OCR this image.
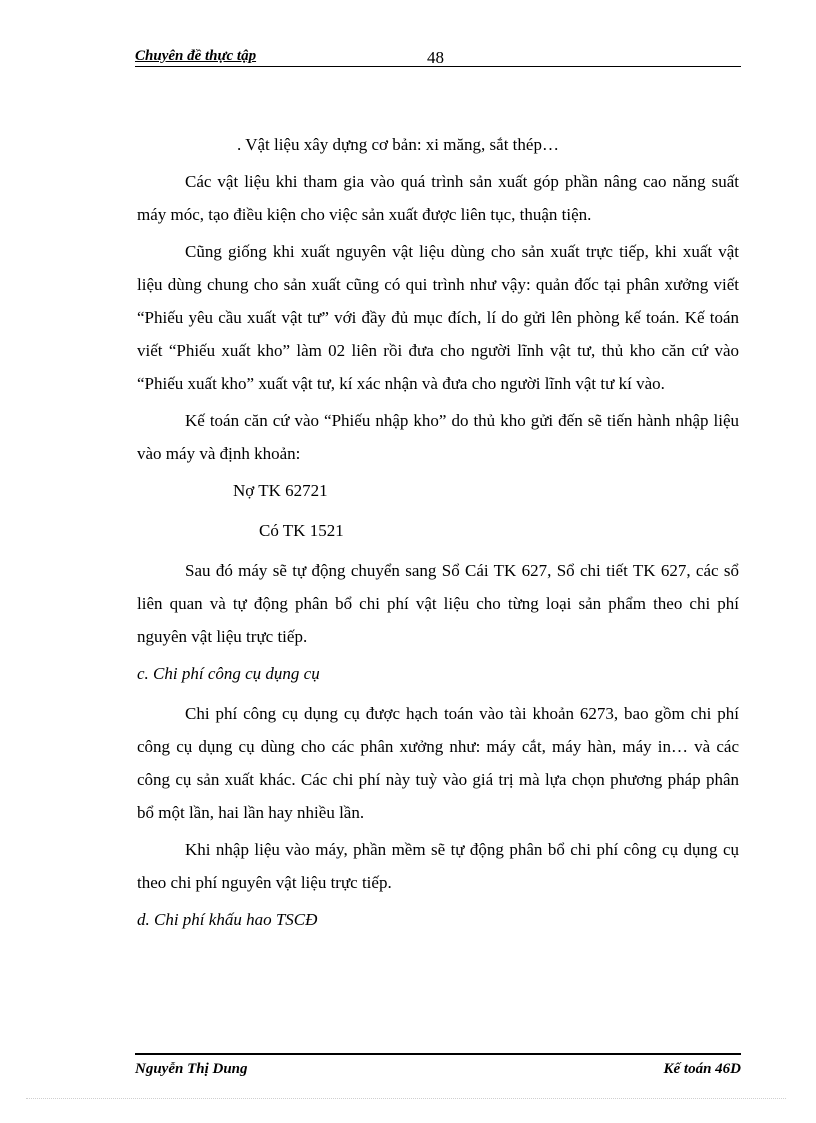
Chuyên đề thực tập	48
. Vật liệu xây dựng cơ bản: xi măng, sắt thép…

Các vật liệu khi tham gia vào quá trình sản xuất góp phần nâng cao năng suất máy móc, tạo điều kiện cho việc sản xuất được liên tục, thuận tiện.

Cũng giống khi xuất nguyên vật liệu dùng cho sản xuất trực tiếp, khi xuất vật liệu dùng chung cho sản xuất cũng có qui trình như vậy: quản đốc tại phân xưởng viết “Phiếu yêu cầu xuất vật tư” với đầy đủ mục đích, lí do gửi lên phòng kế toán. Kế toán viết “Phiếu xuất kho” làm 02 liên rồi đưa cho người lĩnh vật tư, thủ kho căn cứ vào “Phiếu xuất kho” xuất vật tư, kí xác nhận và đưa cho người lĩnh vật tư kí vào.

Kế toán căn cứ vào “Phiếu nhập kho” do thủ kho gửi đến sẽ tiến hành nhập liệu vào máy và định khoản:

Nợ TK 62721
Có TK 1521

Sau đó máy sẽ tự động chuyển sang Sổ Cái TK 627, Sổ chi tiết TK 627, các sổ liên quan và tự động phân bổ chi phí vật liệu cho từng loại sản phẩm theo chi phí nguyên vật liệu trực tiếp.

c. Chi phí công cụ dụng cụ

Chi phí công cụ dụng cụ được hạch toán vào tài khoản 6273, bao gồm chi phí công cụ dụng cụ dùng cho các phân xưởng như: máy cắt, máy hàn, máy in… và các công cụ sản xuất khác. Các chi phí này tuỳ vào giá trị mà lựa chọn phương pháp phân bổ một lần, hai lần hay nhiều lần.

Khi nhập liệu vào máy, phần mềm sẽ tự động phân bổ chi phí công cụ dụng cụ theo chi phí nguyên vật liệu trực tiếp.

d. Chi phí khấu hao TSCĐ
Nguyễn Thị Dung	Kế toán 46D
